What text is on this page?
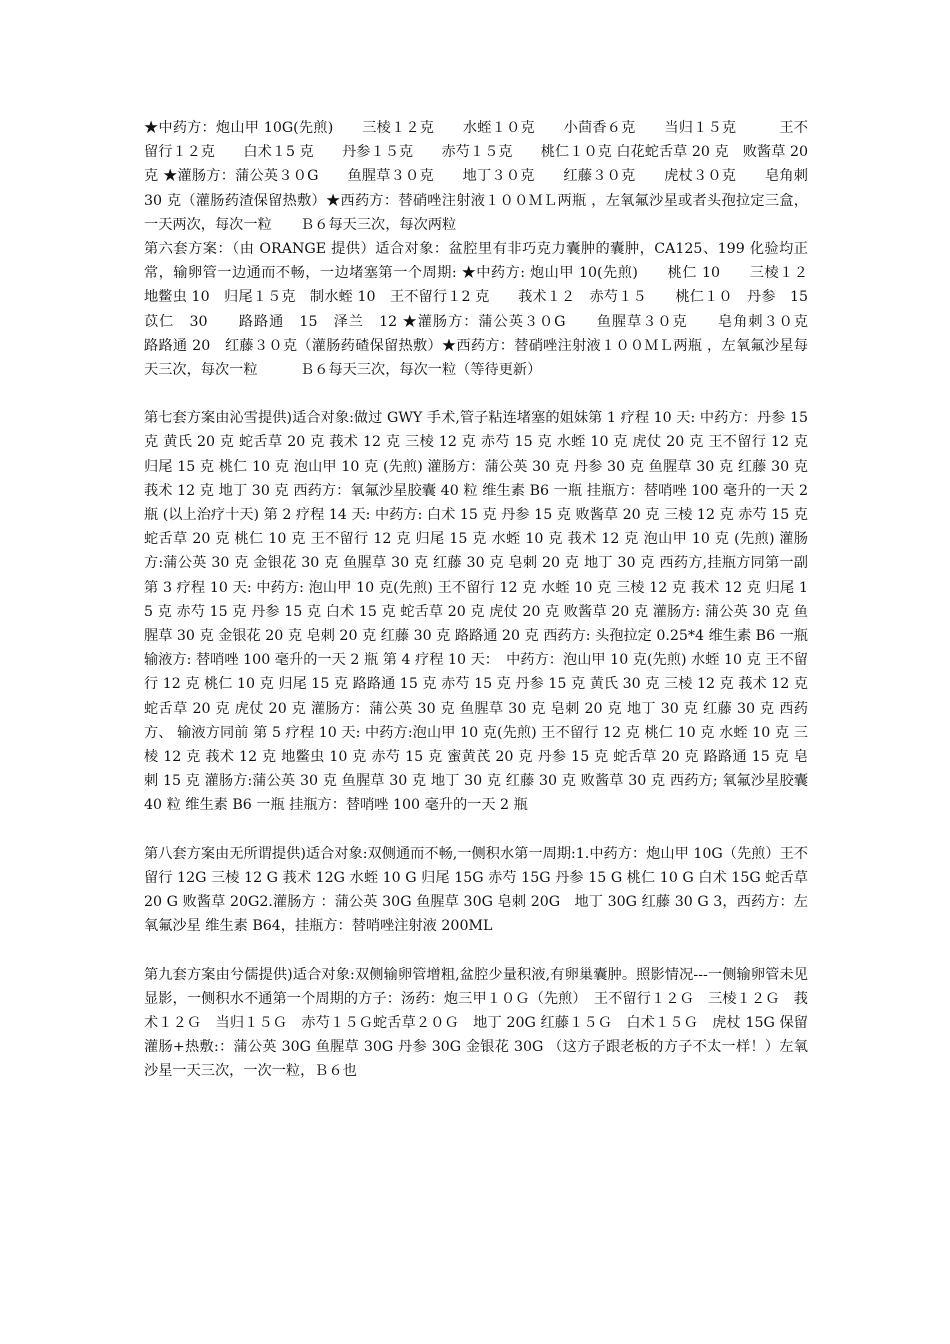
★中药方：炮山甲 10G(先煎)　　三棱１２克　　水蛭１０克　　小茴香６克　　当归１５克　　　王不留行１２克　　白术１5 克　　丹参１５克　　赤芍１５克　　桃仁１０克 白花蛇舌草 20 克　败酱草 20 克 ★灌肠方：蒲公英３０G　　鱼腥草３０克　　地丁３０克　　红藤３０克　　虎杖３０克　　皂角刺 30 克（灌肠药渣保留热敷）★西药方：替硝唑注射液１００ＭＬ两瓶 ，左氧氟沙星或者头孢拉定三盒，一天两次，每次一粒　　Ｂ６每天三次，每次两粒

第六套方案：（由 ORANGE 提供）适合对象：盆腔里有非巧克力囊肿的囊肿，CA125、199 化验均正常，输卵管一边通而不畅，一边堵塞第一个周期: ★中药方: 炮山甲 10(先煎)　　桃仁 10　　三棱１２　地鳖虫 10　归尾１５克　制水蛭 10　王不留行１2 克　　莪术１２　赤芍１５　　桃仁１０　丹参　15　　苡仁　30　　路路通　15　泽兰　12 ★灌肠方：蒲公英３０G　　鱼腥草３０克　　皂角刺３０克　　路路通 20　红藤３０克（灌肠药碴保留热敷）★西药方：替硝唑注射液１００ＭＬ两瓶 ，左氧氟沙星每天三次，每次一粒　　　Ｂ６每天三次，每次一粒（等待更新）

第七套方案由沁雪提供)适合对象:做过 GWY 手术,管子粘连堵塞的姐妹第 1 疗程 10 天: 中药方：丹参 15 克 黄氏 20 克 蛇舌草 20 克 莪术 12 克 三棱 12 克 赤芍 15 克 水蛭 10 克 虎仗 20 克 王不留行 12 克 归尾 15 克 桃仁 10 克 泡山甲 10 克 (先煎) 灌肠方：蒲公英 30 克 丹参 30 克 鱼腥草 30 克 红藤 30 克 莪术 12 克 地丁 30 克 西药方：氧氟沙星胶囊 40 粒 维生素 B6 一瓶 挂瓶方：替哨唑 100 毫升的一天 2 瓶 (以上治疗十天) 第 2 疗程 14 天: 中药方: 白术 15 克 丹参 15 克 败酱草 20 克 三棱 12 克 赤芍 15 克 蛇舌草 20 克 桃仁 10 克 王不留行 12 克 归尾 15 克 水蛭 10 克 莪术 12 克 泡山甲 10 克 (先煎) 灌肠方:蒲公英 30 克 金银花 30 克 鱼腥草 30 克 红藤 30 克 皂刺 20 克 地丁 30 克 西药方,挂瓶方同第一副 第 3 疗程 10 天: 中药方: 泡山甲 10 克(先煎) 王不留行 12 克 水蛭 10 克 三棱 12 克 莪术 12 克 归尾 15 克 赤芍 15 克 丹参 15 克 白术 15 克 蛇舌草 20 克 虎仗 20 克 败酱草 20 克 灌肠方: 蒲公英 30 克 鱼腥草 30 克 金银花 20 克 皂刺 20 克 红藤 30 克 路路通 20 克 西药方: 头孢拉定 0.25*4 维生素 B6 一瓶 输液方: 替哨唑 100 毫升的一天 2 瓶 第 4 疗程 10 天：　中药方：泡山甲 10 克(先煎) 水蛭 10 克 王不留行 12 克 桃仁 10 克 归尾 15 克 路路通 15 克 赤芍 15 克 丹参 15 克 黄氏 30 克 三棱 12 克 莪术 12 克 蛇舌草 20 克 虎仗 20 克 灌肠方：蒲公英 30 克 鱼腥草 30 克 皂刺 20 克 地丁 30 克 红藤 30 克 西药方、 输液方同前 第 5 疗程 10 天: 中药方:泡山甲 10 克(先煎) 王不留行 12 克 桃仁 10 克 水蛭 10 克 三棱 12 克 莪术 12 克 地鳖虫 10 克 赤芍 15 克 蜜黄芪 20 克 丹参 15 克 蛇舌草 20 克 路路通 15 克 皂刺 15 克 灌肠方:蒲公英 30 克 鱼腥草 30 克 地丁 30 克 红藤 30 克 败酱草 30 克 西药方; 氧氟沙星胶囊 40 粒 维生素 B6 一瓶 挂瓶方：替哨唑 100 毫升的一天 2 瓶

第八套方案由无所谓提供)适合对象:双侧通而不畅,一侧积水第一周期:1.中药方：炮山甲 10G（先煎）王不留行 12G 三棱 12 G 莪术 12G 水蛭 10 G 归尾 15G 赤芍 15G 丹参 15 G 桃仁 10 G 白术 15G 蛇舌草 20 G 败酱草 20G2.灌肠方 ：蒲公英 30G 鱼腥草 30G 皂刺 20G　地丁 30G 红藤 30 G 3，西药方：左氧氟沙星 维生素 B64，挂瓶方：替哨唑注射液 200ML

第九套方案由兮儒提供)适合对象:双侧输卵管增粗,盆腔少量积液,有卵巢囊肿。照影情况---一侧输卵管未见显影，一侧积水不通第一个周期的方子：汤药：炮三甲１０Ｇ（先煎）　王不留行１２Ｇ　三棱１２Ｇ　莪术１２Ｇ　当归１５Ｇ　赤芍１５Ｇ蛇舌草２０Ｇ　地丁 20G 红藤１５Ｇ　白术１５Ｇ　虎杖 15G 保留灌肠+热敷:：蒲公英 30G 鱼腥草 30G 丹参 30G 金银花 30G （这方子跟老板的方子不太一样！）左氧沙星一天三次，一次一粒，Ｂ６也
